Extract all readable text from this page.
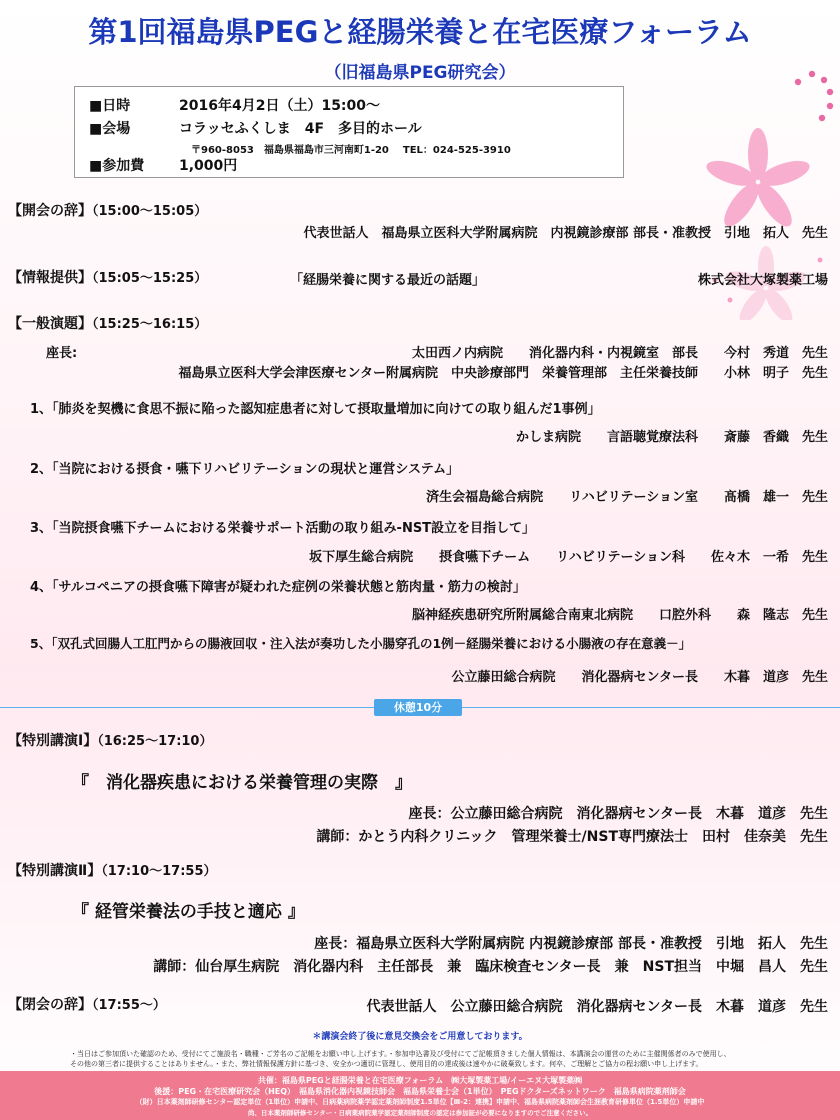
第1回福島県PEGと経腸栄養と在宅医療フォーラム
（旧福島県PEG研究会）
■日時	2016年4月2日（土）15:00～
■会場	コラッセふくしま　4F　多目的ホール
〒960-8053　福島県福島市三河南町1-20 TEL：024-525-3910
■参加費 1,000円
【開会の辞】（15:00～15:05）
代表世話人　福島県立医科大学附属病院　内視鏡診療部 部長・准教授　引地　拓人　先生
【情報提供】（15:05～15:25）	「経腸栄養に関する最近の話題」	株式会社大塚製薬工場
【一般演題】（15:25～16:15）
座長:	太田西ノ内病院　　消化器内科・内視鏡室　部長　　今村　秀道　先生
福島県立医科大学会津医療センター附属病院　中央診療部門　栄養管理部　主任栄養技師　　小林　明子　先生
1、「肺炎を契機に食思不振に陥った認知症患者に対して摂取量増加に向けての取り組んだ1事例」
かしま病院　　言語聴覚療法科　　斎藤　香織　先生
2、「当院における摂食・嚥下リハビリテーションの現状と運営システム」
済生会福島総合病院　　リハビリテーション室　　髙橋　雄一　先生
3、「当院摂食嚥下チームにおける栄養サポート活動の取り組み-NST設立を目指して」
坂下厚生総合病院　　摂食嚥下チーム　　リハビリテーション科　　佐々木　一希　先生
4、「サルコペニアの摂食嚥下障害が疑われた症例の栄養状態と筋肉量・筋力の検討」
脳神経疾患研究所附属総合南東北病院　　口腔外科　　森　隆志　先生
5、「双孔式回腸人工肛門からの腸液回収・注入法が奏功した小腸穿孔の1例－経腸栄養における小腸液の存在意義－」
公立藤田総合病院　　消化器病センター長　　木暮　道彦　先生
休憩10分
【特別講演Ⅰ】（16:25～17:10）
『　消化器疾患における栄養管理の実際　』
座長：公立藤田総合病院　消化器病センター長　木暮　道彦　先生
講師：かとう内科クリニック　管理栄養士/NST専門療法士　田村　佳奈美　先生
【特別講演Ⅱ】（17:10～17:55）
『 経管栄養法の手技と適応 』
座長：福島県立医科大学附属病院 内視鏡診療部 部長・准教授　引地　拓人　先生
講師：仙台厚生病院　消化器内科　主任部長　兼　臨床検査センター長　兼　NST担当　中堀　昌人　先生
【閉会の辞】（17:55～）	代表世話人　公立藤田総合病院　消化器病センター長　木暮　道彦　先生
＊講演会終了後に意見交換会をご用意しております。
・当日はご参加頂いた確認のため、受付にてご施設名・職種・ご芳名のご記帳をお願い申し上げます。・参加申込書及び受付にてご記帳頂きました個人情報は、本講演会の運営のために主催関係者のみで使用し、
その他の第三者に提供することはありません。・また、弊社情報保護方針に基づき、安全かつ適切に管理し、使用目的の達成後は速やかに破棄致します。何卒、ご理解とご協力の程お願い申し上げます。
共催：福島県PEGと経腸栄養と在宅医療フォーラム　㈱大塚製薬工場/イーエヌ大塚製薬㈱
後援：PEG・在宅医療研究会（HEQ）　福島県消化器内視鏡技師会　福島県栄養士会（1単位）　PEGドクターズネットワーク　福島県病院薬剤師会
（財）日本薬剤師研修センター認定単位（1単位）申請中、日病薬病院薬学認定薬剤師制度1.5単位【Ⅲ-2：連携】申請中、福島県病院薬剤師会生涯教育研修単位（1.5単位）申請中
尚、日本薬剤師研修センター・日病薬病院薬学認定薬剤師制度の認定は参加証が必要になりますのでご注意ください。
